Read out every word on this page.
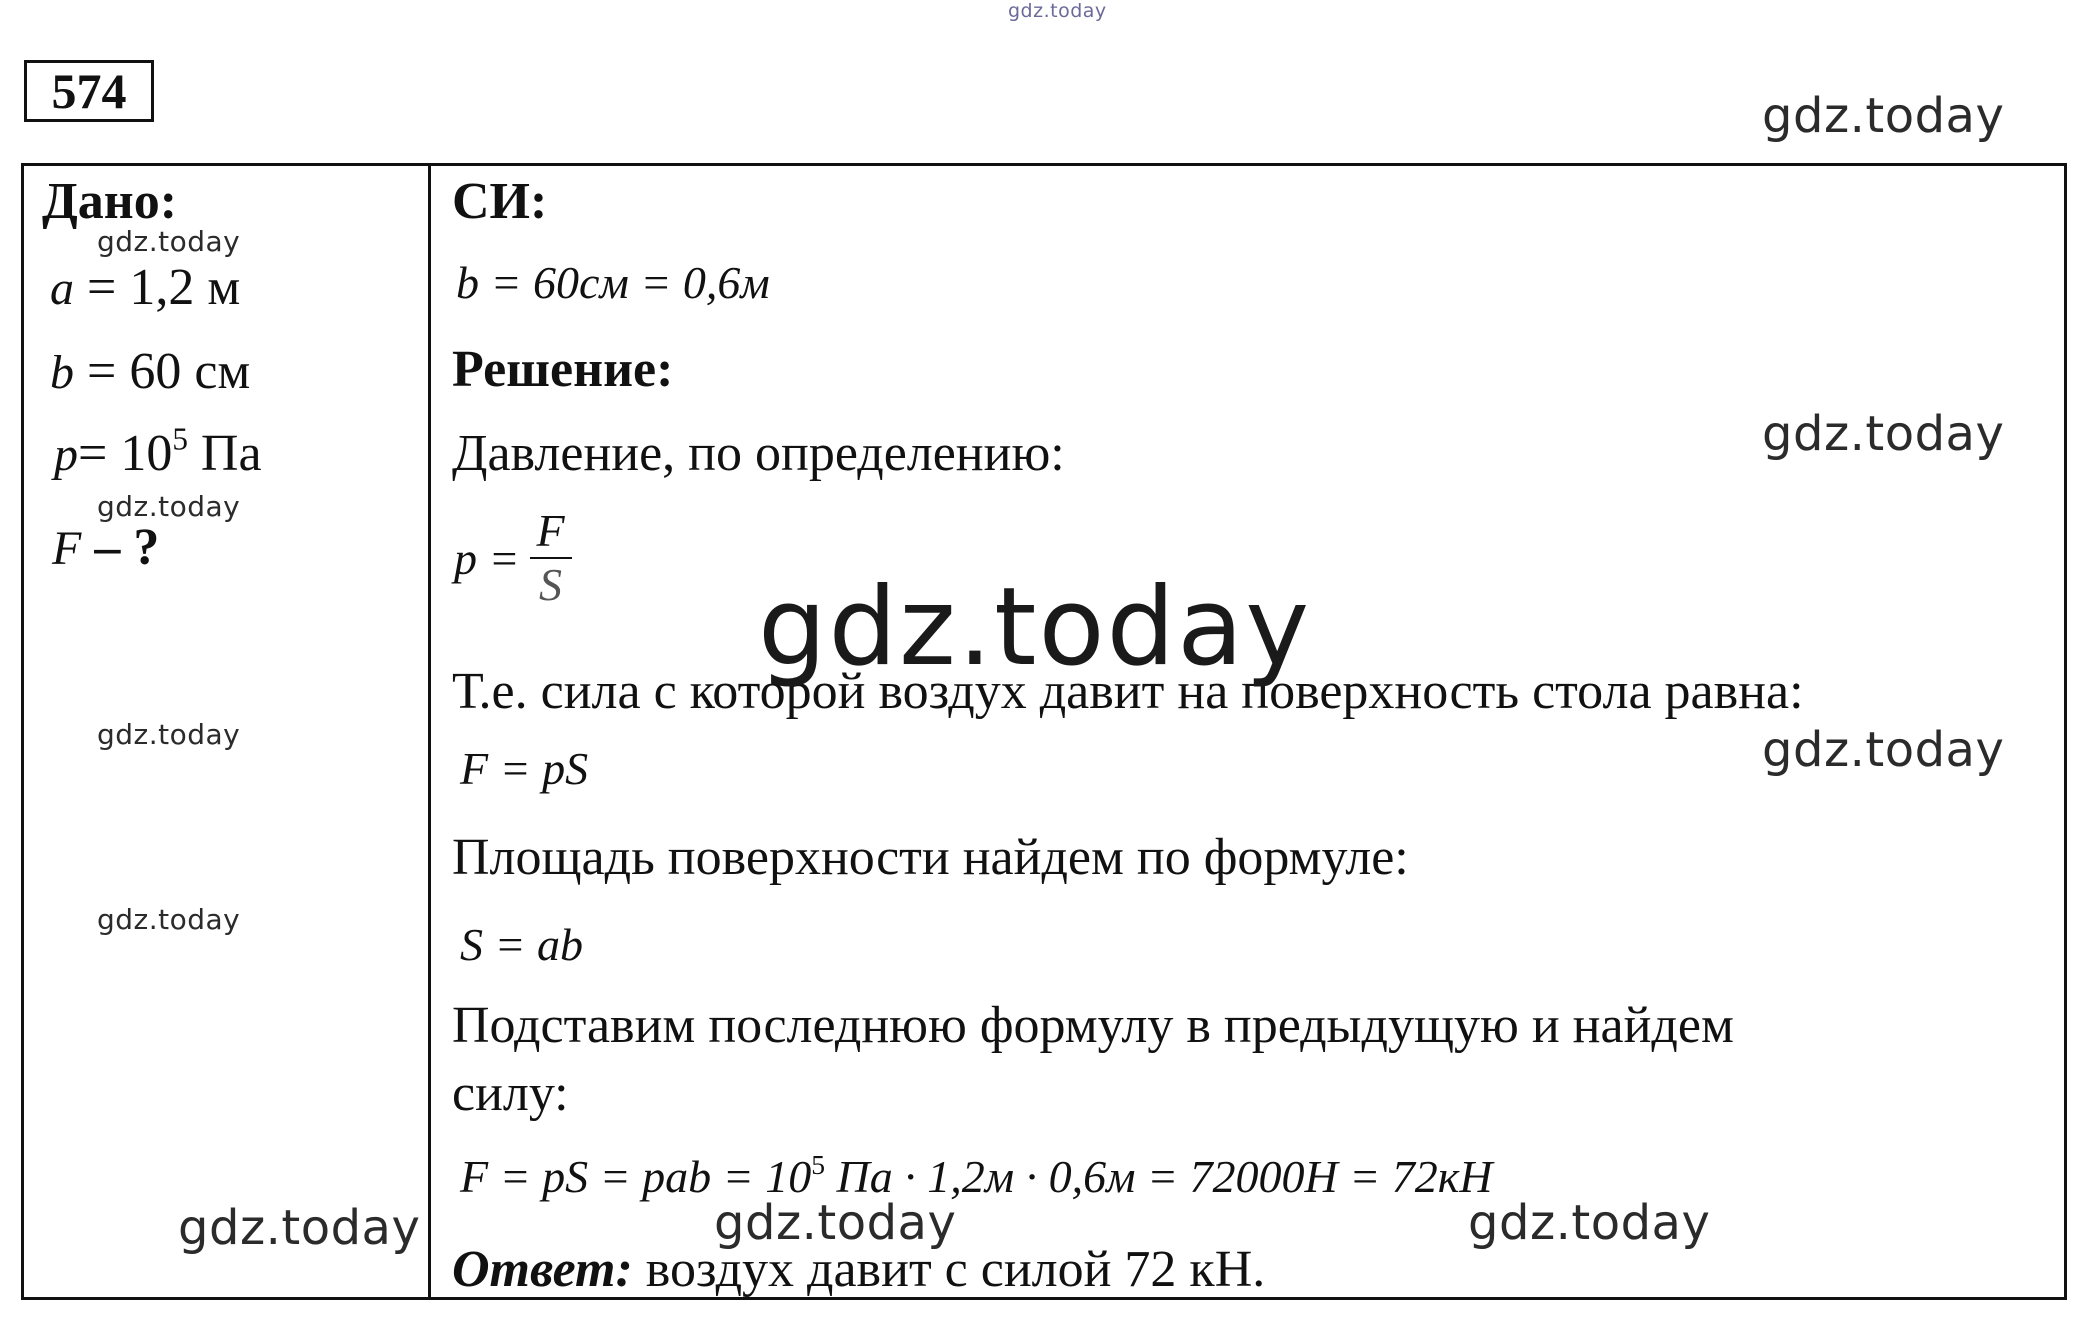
gdz.today
gdz.today
gdz.today
gdz.today
gdz.today
gdz.today
gdz.today
gdz.today
gdz.today	gdz.today	gdz.today
574
Дано:
a = 1,2 м
b = 60 см
$p= 10^5$ Па
F – ?
СИ:
b = 60см = 0,6м
Решение:
Давление, по определению:
$p = \frac{F}{S}$
Т.е. сила с которой воздух давит на поверхность стола равна:
F = pS
Площадь поверхности найдем по формуле:
S = ab
Подставим последнюю формулу в предыдущую и найдем
силу:
F = pS = pab = $10^5$ Па · 1,2м · 0,6м = 72000Н = 72кН
Ответ: воздух давит с силой 72 кН.
gdz.today
